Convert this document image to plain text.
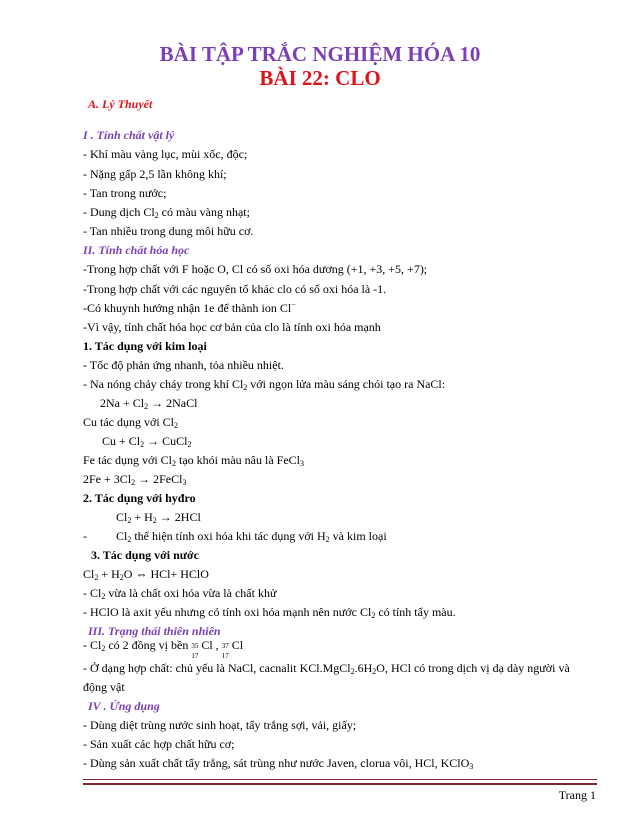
BÀI TẬP TRẮC NGHIỆM HÓA 10
BÀI 22: CLO
A. Lý Thuyết
I . Tính chất vật lý
- Khí màu vàng lục, mùi xốc, độc;
- Nặng gấp 2,5 lần không khí;
- Tan trong nước;
- Dung dịch $Cl_2$ có màu vàng nhạt;
- Tan nhiều trong dung môi hữu cơ.
II. Tính chất hóa học
-Trong hợp chất với F hoặc O, Cl có số oxi hóa dương (+1, +3, +5, +7);
-Trong hợp chất với các nguyên tố khác clo có số oxi hóa là -1.
-Có khuynh hướng nhận 1e để thành ion Cl−
-Vì vậy, tính chất hóa học cơ bản của clo là tính oxi hóa mạnh
1. Tác dụng với kim loại
- Tốc độ phản ứng nhanh, tỏa nhiều nhiệt.
- Na nóng chảy cháy trong khí $Cl_2$ với ngọn lửa màu sáng chói tạo ra NaCl:
$2Na + Cl_2$ → 2NaCl
Cu tác dụng với $Cl_2$
$Cu + Cl_2$ → CuCl$_2$
Fe tác dụng với $Cl_2$ tạo khói màu nâu là FeCl$_3$
$2Fe + 3Cl_2$ → 2FeCl$_3$
2. Tác dụng với hyđro
$Cl_2 + H_2 \to 2HCl$
- $Cl_2$ thể hiện tính oxi hóa khi tác dụng với $H_2$ và kim loại
3. Tác dụng với nước
$Cl_2 + H_2O$ ⇔ HCl+ HClO
- $Cl_2$ vừa là chất oxi hóa vừa là chất khử
- HClO là axit yếu nhưng có tính oxi hóa mạnh nên nước $Cl_2$ có tính tẩy màu.
III. Trạng thái thiên nhiên
- $Cl_2$ có 2 đồng vị bền 35
17
Cl , 37
17
Cl
- Ở dạng hợp chất: chủ yếu là NaCl, cacnalit $KCl.MgCl_2.6H_2O$, HCl có trong dịch vị dạ dày người và
động vật
IV . Ứng dụng
- Dùng diệt trùng nước sinh hoạt, tẩy trắng sợi, vải, giấy;
- Sản xuất các hợp chất hữu cơ;
- Dùng sản xuất chất tẩy trắng, sát trùng như nước Javen, clorua vôi, HCl, KClO$_3$
Trang 1
